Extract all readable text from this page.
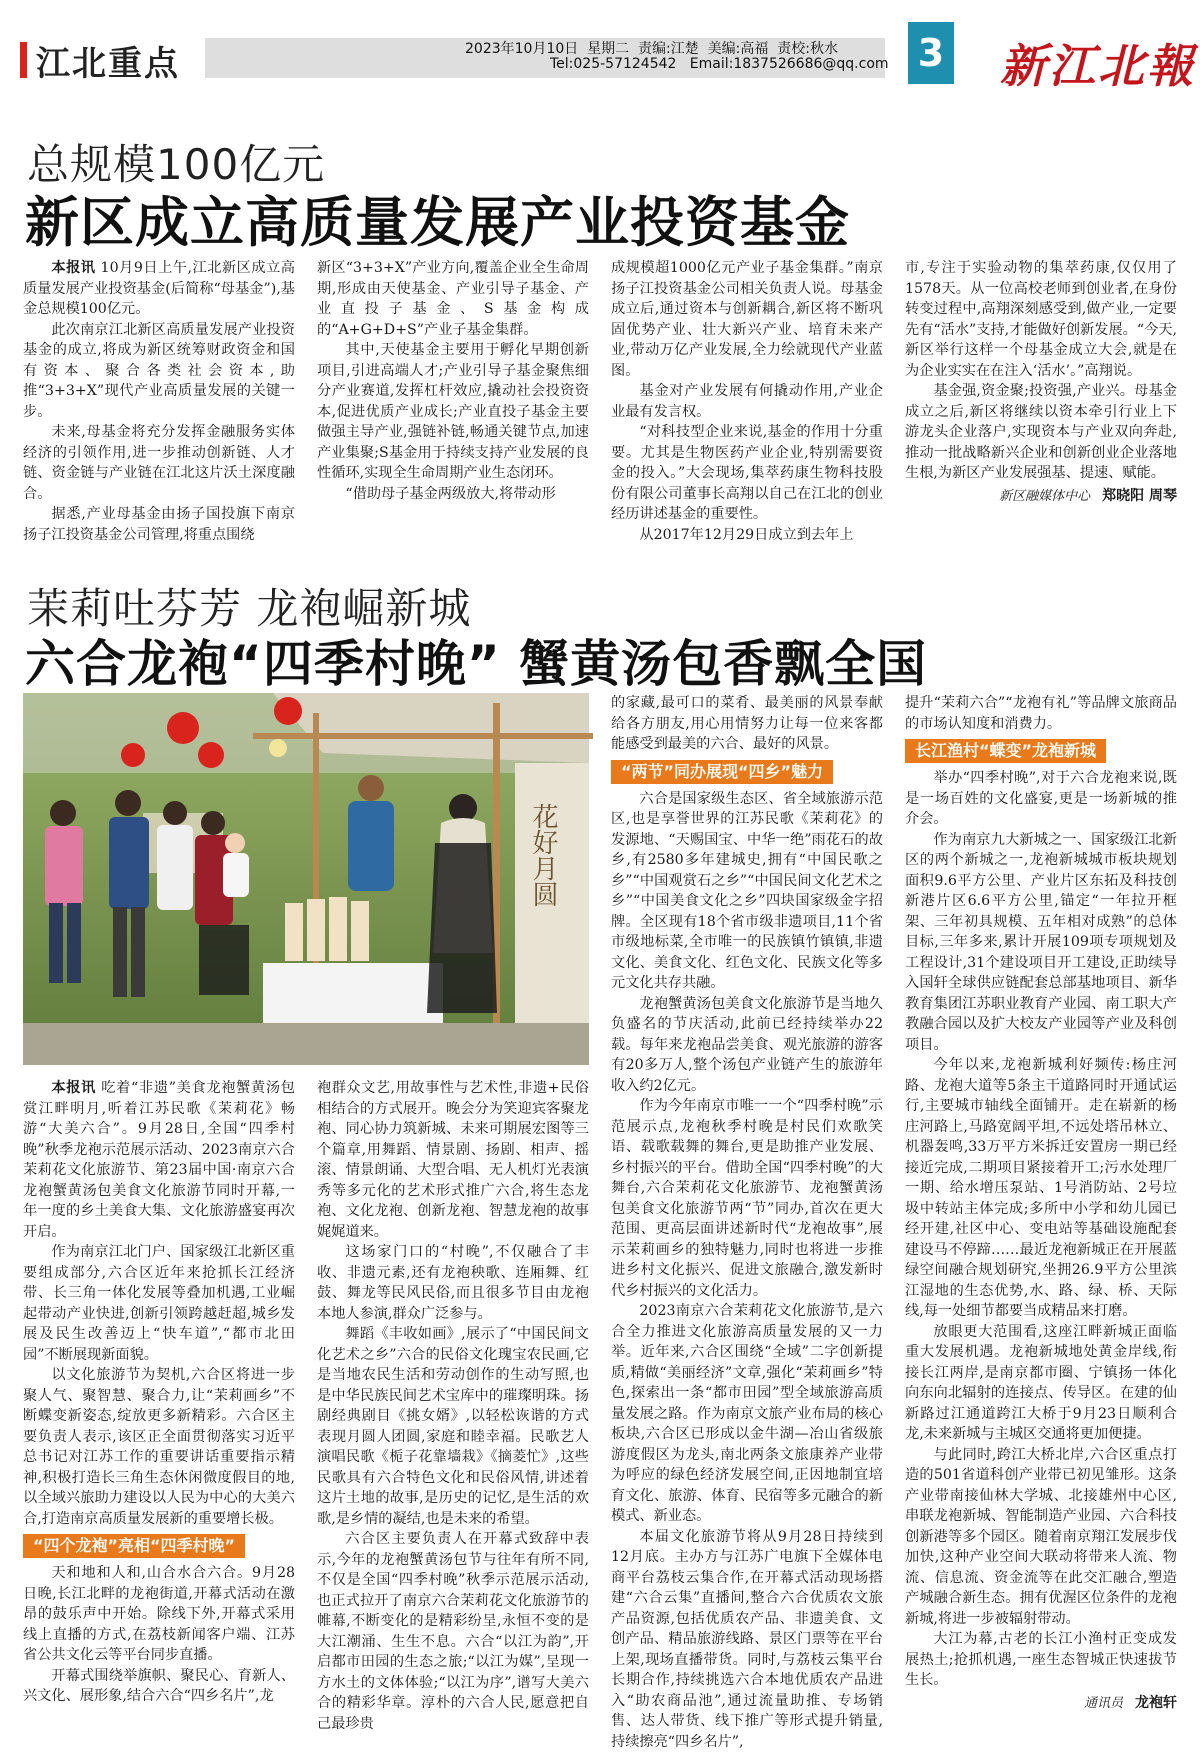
江北重点	2023年10月10日  星期二  责编:江楚  美编:高福  责校:秋水
Tel:025-57124542   Email:1837526686@qq.com 3 新江北報
总规模100亿元
新区成立高质量发展产业投资基金

本报讯 10月9日上午,江北新区成立高质量发展产业投资基金(后简称“母基金”),基金总规模100亿元。

此次南京江北新区高质量发展产业投资基金的成立,将成为新区统筹财政资金和国有资本、聚合各类社会资本,助推“3+3+X”现代产业高质量发展的关键一步。

未来,母基金将充分发挥金融服务实体经济的引领作用,进一步推动创新链、人才链、资金链与产业链在江北这片沃土深度融合。

据悉,产业母基金由扬子国投旗下南京扬子江投资基金公司管理,将重点围绕

新区“3+3+X”产业方向,覆盖企业全生命周期,形成由天使基金、产业引导子基金、产业直投子基金、S基金构成的“A+G+D+S”产业子基金集群。

其中,天使基金主要用于孵化早期创新项目,引进高端人才;产业引导子基金聚焦细分产业赛道,发挥杠杆效应,撬动社会投资资本,促进优质产业成长;产业直投子基金主要做强主导产业,强链补链,畅通关键节点,加速产业集聚;S基金用于持续支持产业发展的良性循环,实现全生命周期产业生态闭环。

“借助母子基金两级放大,将带动形

成规模超1000亿元产业子基金集群。”南京扬子江投资基金公司相关负责人说。母基金成立后,通过资本与创新耦合,新区将不断巩固优势产业、壮大新兴产业、培育未来产业,带动万亿产业发展,全力绘就现代产业蓝图。

基金对产业发展有何撬动作用,产业企业最有发言权。

“对科技型企业来说,基金的作用十分重要。尤其是生物医药产业企业,特别需要资金的投入。”大会现场,集萃药康生物科技股份有限公司董事长高翔以自己在江北的创业经历讲述基金的重要性。

从2017年12月29日成立到去年上

市,专注于实验动物的集萃药康,仅仅用了1578天。从一位高校老师到创业者,在身份转变过程中,高翔深刻感受到,做产业,一定要先有“活水”支持,才能做好创新发展。“今天,新区举行这样一个母基金成立大会,就是在为企业实实在在注入‘活水’。”高翔说。

基金强,资金聚;投资强,产业兴。母基金成立之后,新区将继续以资本牵引行业上下游龙头企业落户,实现资本与产业双向奔赴,推动一批战略新兴企业和创新创业企业落地生根,为新区产业发展强基、提速、赋能。

新区融媒体中心 郑晓阳 周琴
茉莉吐芬芳 龙袍崛新城
六合龙袍“四季村晚” 蟹黄汤包香飘全国
花好月圆

本报讯 吃着“非遗”美食龙袍蟹黄汤包赏江畔明月,听着江苏民歌《茉莉花》畅游“大美六合”。9月28日,全国“四季村晚”秋季龙袍示范展示活动、2023南京六合茉莉花文化旅游节、第23届中国·南京六合龙袍蟹黄汤包美食文化旅游节同时开幕,一年一度的乡土美食大集、文化旅游盛宴再次开启。

作为南京江北门户、国家级江北新区重要组成部分,六合区近年来抢抓长江经济带、长三角一体化发展等叠加机遇,工业崛起带动产业快进,创新引领跨越赶超,城乡发展及民生改善迈上“快车道”,“都市北田园”不断展现新面貌。

以文化旅游节为契机,六合区将进一步聚人气、聚智慧、聚合力,让“茉莉画乡”不断蝶变新姿态,绽放更多新精彩。六合区主要负责人表示,该区正全面贯彻落实习近平总书记对江苏工作的重要讲话重要指示精神,积极打造长三角生态休闲微度假目的地,以全域兴旅助力建设以人民为中心的大美六合,打造南京高质量发展新的重要增长极。

“四个龙袍”亮相“四季村晚”

天和地和人和,山合水合六合。9月28日晚,长江北畔的龙袍街道,开幕式活动在激昂的鼓乐声中开始。除线下外,开幕式采用线上直播的方式,在荔枝新闻客户端、江苏省公共文化云等平台同步直播。

开幕式围绕举旗帜、聚民心、育新人、兴文化、展形象,结合六合“四乡名片”,龙

袍群众文艺,用故事性与艺术性,非遗+民俗相结合的方式展开。晚会分为笑迎宾客聚龙袍、同心协力筑新城、未来可期展宏图等三个篇章,用舞蹈、情景剧、扬剧、相声、摇滚、情景朗诵、大型合唱、无人机灯光表演秀等多元化的艺术形式推广六合,将生态龙袍、文化龙袍、创新龙袍、智慧龙袍的故事娓娓道来。

这场家门口的“村晚”,不仅融合了丰收、非遗元素,还有龙袍秧歌、连厢舞、红鼓、舞龙等民风民俗,而且很多节目由龙袍本地人参演,群众广泛参与。

舞蹈《丰收如画》,展示了“中国民间文化艺术之乡”六合的民俗文化瑰宝农民画,它是当地农民生活和劳动创作的生动写照,也是中华民族民间艺术宝库中的璀璨明珠。扬剧经典剧目《挑女婿》,以轻松诙谐的方式表现月圆人团圆,家庭和睦幸福。民歌艺人演唱民歌《栀子花靠墙栽》《摘菱忙》,这些民歌具有六合特色文化和民俗风情,讲述着这片土地的故事,是历史的记忆,是生活的欢歌,是乡情的凝结,也是未来的希望。

六合区主要负责人在开幕式致辞中表示,今年的龙袍蟹黄汤包节与往年有所不同,不仅是全国“四季村晚”秋季示范展示活动,也正式拉开了南京六合茉莉花文化旅游节的帷幕,不断变化的是精彩纷呈,永恒不变的是大江潮涌、生生不息。六合“以江为韵”,开启都市田园的生态之旅;“以江为媒”,呈现一方水土的文体体验;“以江为序”,谱写大美六合的精彩华章。淳朴的六合人民,愿意把自己最珍贵

的家藏,最可口的菜肴、最美丽的风景奉献给各方朋友,用心用情努力让每一位来客都能感受到最美的六合、最好的风景。

“两节”同办展现“四乡”魅力

六合是国家级生态区、省全域旅游示范区,也是享誉世界的江苏民歌《茉莉花》的发源地、“天赐国宝、中华一绝”雨花石的故乡,有2580多年建城史,拥有“中国民歌之乡”“中国观赏石之乡”“中国民间文化艺术之乡”“中国美食文化之乡”四块国家级金字招牌。全区现有18个省市级非遗项目,11个省市级地标菜,全市唯一的民族镇竹镇镇,非遗文化、美食文化、红色文化、民族文化等多元文化共存共融。

龙袍蟹黄汤包美食文化旅游节是当地久负盛名的节庆活动,此前已经持续举办22载。每年来龙袍品尝美食、观光旅游的游客有20多万人,整个汤包产业链产生的旅游年收入约2亿元。

作为今年南京市唯一一个“四季村晚”示范展示点,龙袍秋季村晚是村民们欢歌笑语、载歌载舞的舞台,更是助推产业发展、乡村振兴的平台。借助全国“四季村晚”的大舞台,六合茉莉花文化旅游节、龙袍蟹黄汤包美食文化旅游节两“节”同办,首次在更大范围、更高层面讲述新时代“龙袍故事”,展示茉莉画乡的独特魅力,同时也将进一步推进乡村文化振兴、促进文旅融合,激发新时代乡村振兴的文化活力。

2023南京六合茉莉花文化旅游节,是六合全力推进文化旅游高质量发展的又一力举。近年来,六合区围绕“全域”二字创新提质,精做“美丽经济”文章,强化“茉莉画乡”特色,探索出一条“都市田园”型全域旅游高质量发展之路。作为南京文旅产业布局的核心板块,六合区已形成以金牛湖—冶山省级旅游度假区为龙头,南北两条文旅康养产业带为呼应的绿色经济发展空间,正因地制宜培育文化、旅游、体育、民宿等多元融合的新模式、新业态。

本届文化旅游节将从9月28日持续到12月底。主办方与江苏广电旗下全媒体电商平台荔枝云集合作,在开幕式活动现场搭建“六合云集”直播间,整合六合优质农文旅产品资源,包括优质农产品、非遗美食、文创产品、精品旅游线路、景区门票等在平台上架,现场直播带货。同时,与荔枝云集平台长期合作,持续挑选六合本地优质农产品进入“助农商品池”,通过流量助推、专场销售、达人带货、线下推广等形式提升销量,持续擦亮“四乡名片”,

提升“茉莉六合”“龙袍有礼”等品牌文旅商品的市场认知度和消费力。

长江渔村“蝶变”龙袍新城

举办“四季村晚”,对于六合龙袍来说,既是一场百姓的文化盛宴,更是一场新城的推介会。

作为南京九大新城之一、国家级江北新区的两个新城之一,龙袍新城城市板块规划面积9.6平方公里、产业片区东拓及科技创新港片区6.6平方公里,锚定“一年拉开框架、三年初具规模、五年相对成熟”的总体目标,三年多来,累计开展109项专项规划及工程设计,31个建设项目开工建设,正助续导入国轩全球供应链配套总部基地项目、新华教育集团江苏职业教育产业园、南工职大产教融合园以及扩大校友产业园等产业及科创项目。

今年以来,龙袍新城利好频传:杨庄河路、龙袍大道等5条主干道路同时开通试运行,主要城市轴线全面铺开。走在崭新的杨庄河路上,马路宽阔平坦,不远处塔吊林立、机器轰鸣,33万平方米拆迁安置房一期已经接近完成,二期项目紧接着开工;污水处理厂一期、给水增压泵站、1号消防站、2号垃圾中转站主体完成;多所中小学和幼儿园已经开建,社区中心、变电站等基础设施配套建设马不停蹄……最近龙袍新城正在开展蓝绿空间融合规划研究,坐拥26.9平方公里滨江湿地的生态优势,水、路、绿、桥、天际线,每一处细节都要当成精品来打磨。

放眼更大范围看,这座江畔新城正面临重大发展机遇。龙袍新城地处黄金岸线,衔接长江两岸,是南京都市圈、宁镇扬一体化向东向北辐射的连接点、传导区。在建的仙新路过江通道跨江大桥于9月23日顺利合龙,未来新城与主城区交通将更加便捷。

与此同时,跨江大桥北岸,六合区重点打造的501省道科创产业带已初见雏形。这条产业带南接仙林大学城、北接雄州中心区,串联龙袍新城、智能制造产业园、六合科技创新港等多个园区。随着南京翔江发展步伐加快,这种产业空间大联动将带来人流、物流、信息流、资金流等在此交汇融合,塑造产城融合新生态。拥有优渥区位条件的龙袍新城,将进一步被辐射带动。

大江为幕,古老的长江小渔村正变成发展热土;抢抓机遇,一座生态智城正快速拔节生长。

通讯员 龙袍轩
